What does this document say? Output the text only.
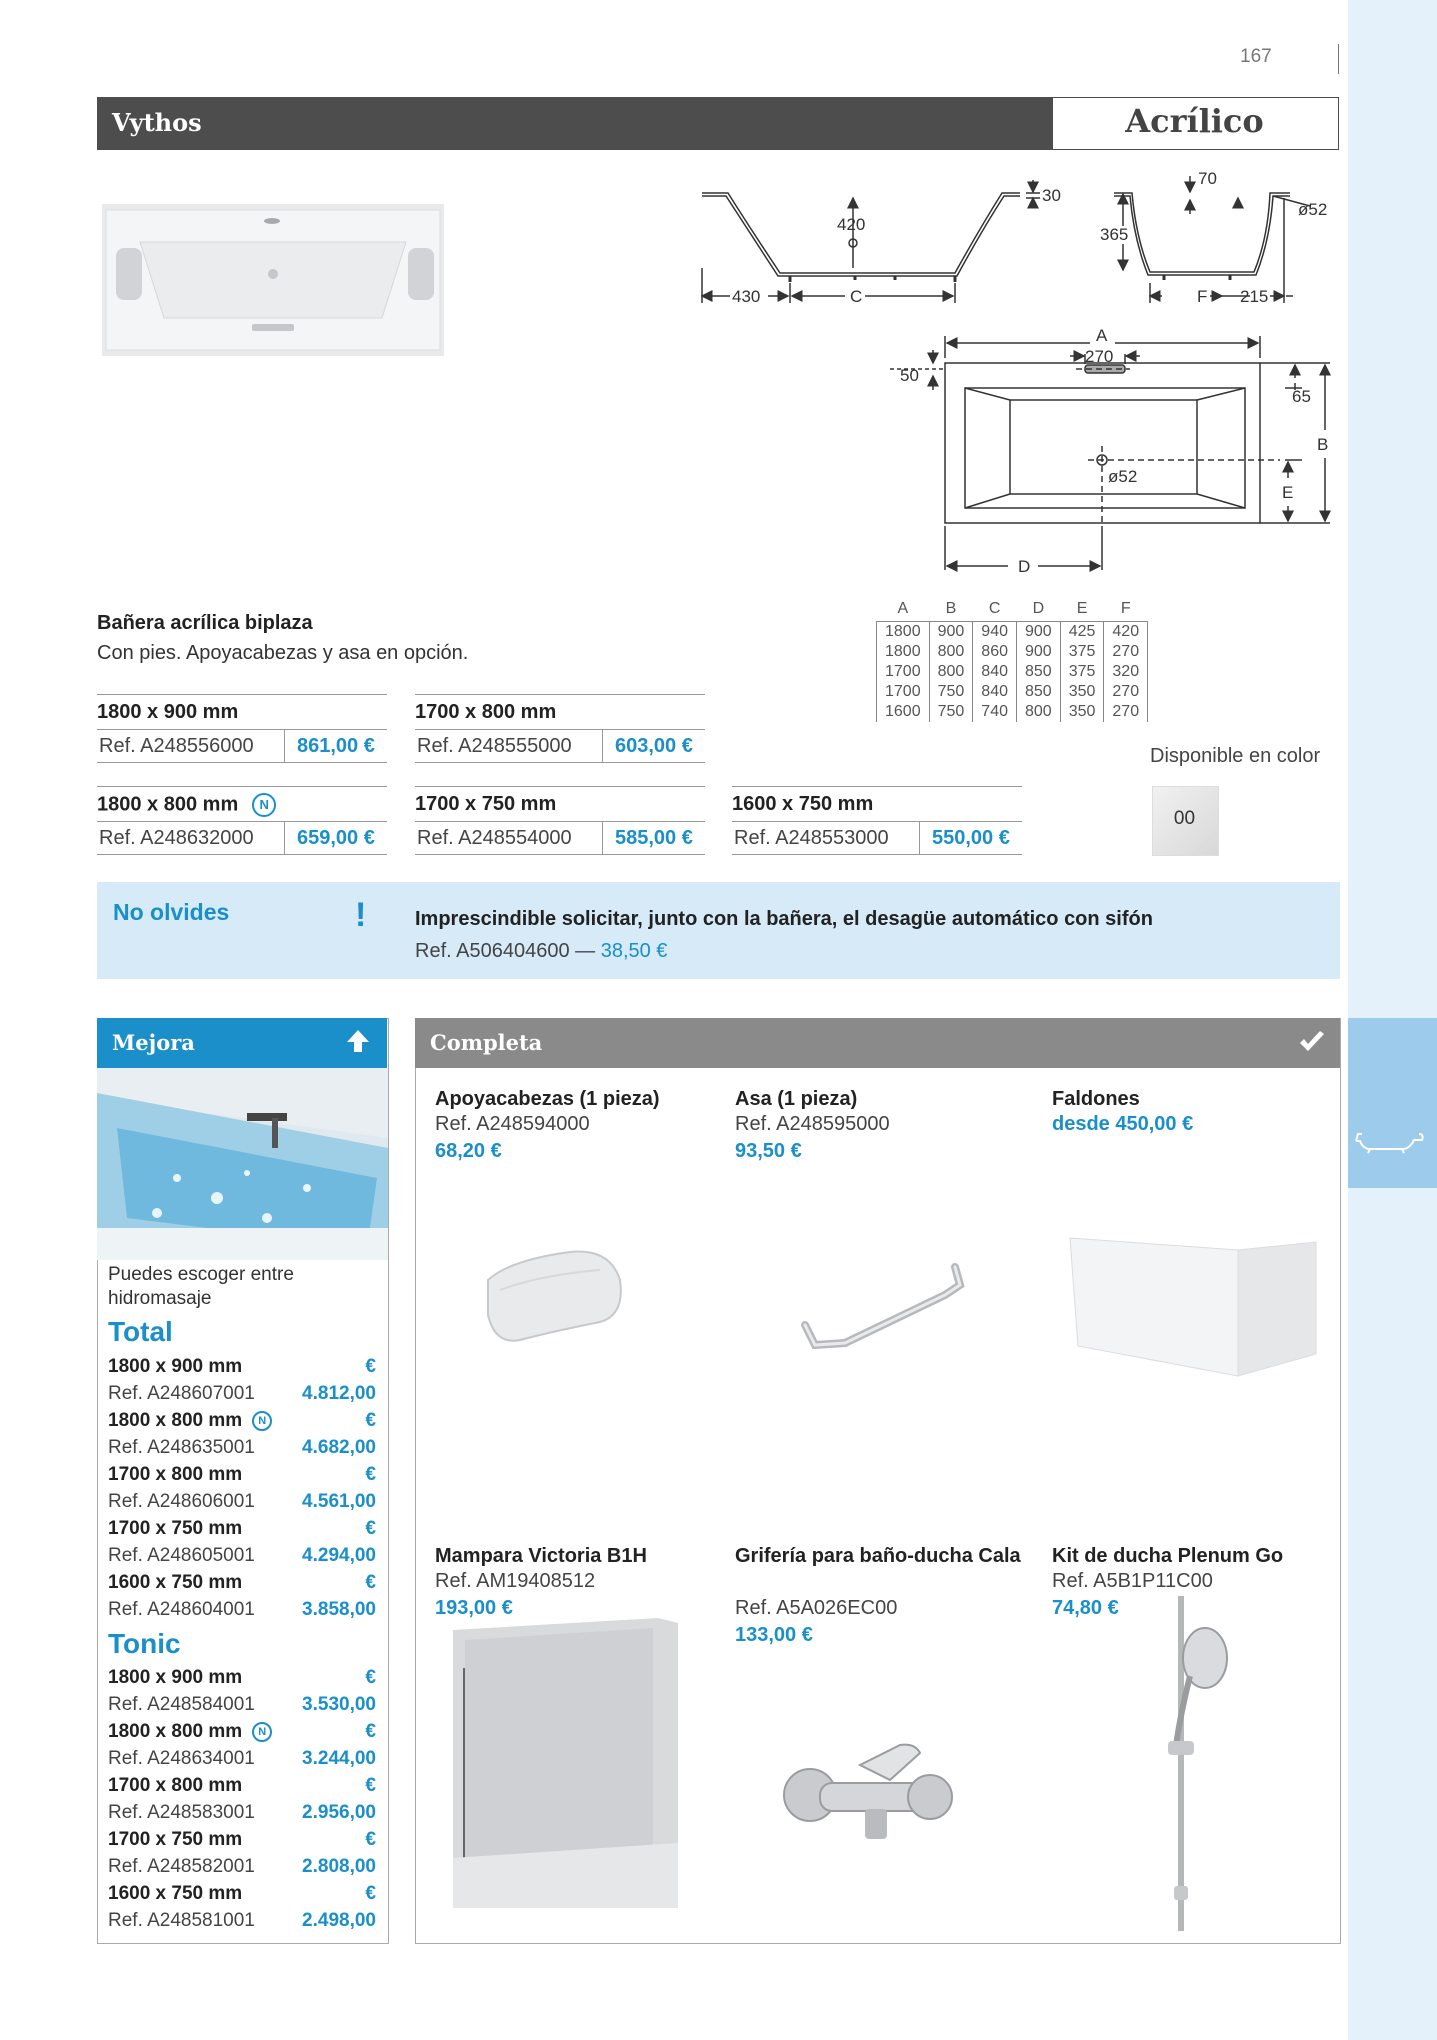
167
Vythos	Acrílico
420
30
430	C
70
ø52
365
F 215
A
270
50
65
B
E
ø52
D
Bañera acrílica biplaza
Con pies. Apoyacabezas y asa en opción.
1800 x 900 mm
Ref. A248556000	861,00 €
1700 x 800 mm
Ref. A248555000	603,00 €
1800 x 800 mm N
Ref. A248632000	659,00 €
1700 x 750 mm
Ref. A248554000	585,00 €
1600 x 750 mm
Ref. A248553000	550,00 €
A	B	C	D	E	F
1800	900	940	900	425	420
1800	800	860	900	375	270
1700	800	840	850	375	320
1700	750	840	850	350	270
1600	750	740	800	350	270
Disponible en color
00
No olvides	! Imprescindible solicitar, junto con la bañera, el desagüe automático con sifón
Ref. A506404600 — 38,50 €
Mejora
Puedes escoger entre hidromasaje
Total
1800 x 900 mm	€
Ref. A248607001 4.812,00
1800 x 800 mm N	€
Ref. A248635001 4.682,00
1700 x 800 mm	€
Ref. A248606001 4.561,00
1700 x 750 mm	€
Ref. A248605001 4.294,00
1600 x 750 mm	€
Ref. A248604001 3.858,00
Tonic
1800 x 900 mm	€
Ref. A248584001 3.530,00
1800 x 800 mm N	€
Ref. A248634001 3.244,00
1700 x 800 mm	€
Ref. A248583001 2.956,00
1700 x 750 mm	€
Ref. A248582001 2.808,00
1600 x 750 mm	€
Ref. A248581001 2.498,00
Completa
Apoyacabezas (1 pieza)
Ref. A248594000
68,20 €
Asa (1 pieza)
Ref. A248595000
93,50 €
Faldones
desde 450,00 €
Mampara Victoria B1H
Ref. AM19408512
193,00 €
Grifería para baño-ducha Cala
Ref. A5A026EC00
133,00 €
Kit de ducha Plenum Go
Ref. A5B1P11C00
74,80 €
